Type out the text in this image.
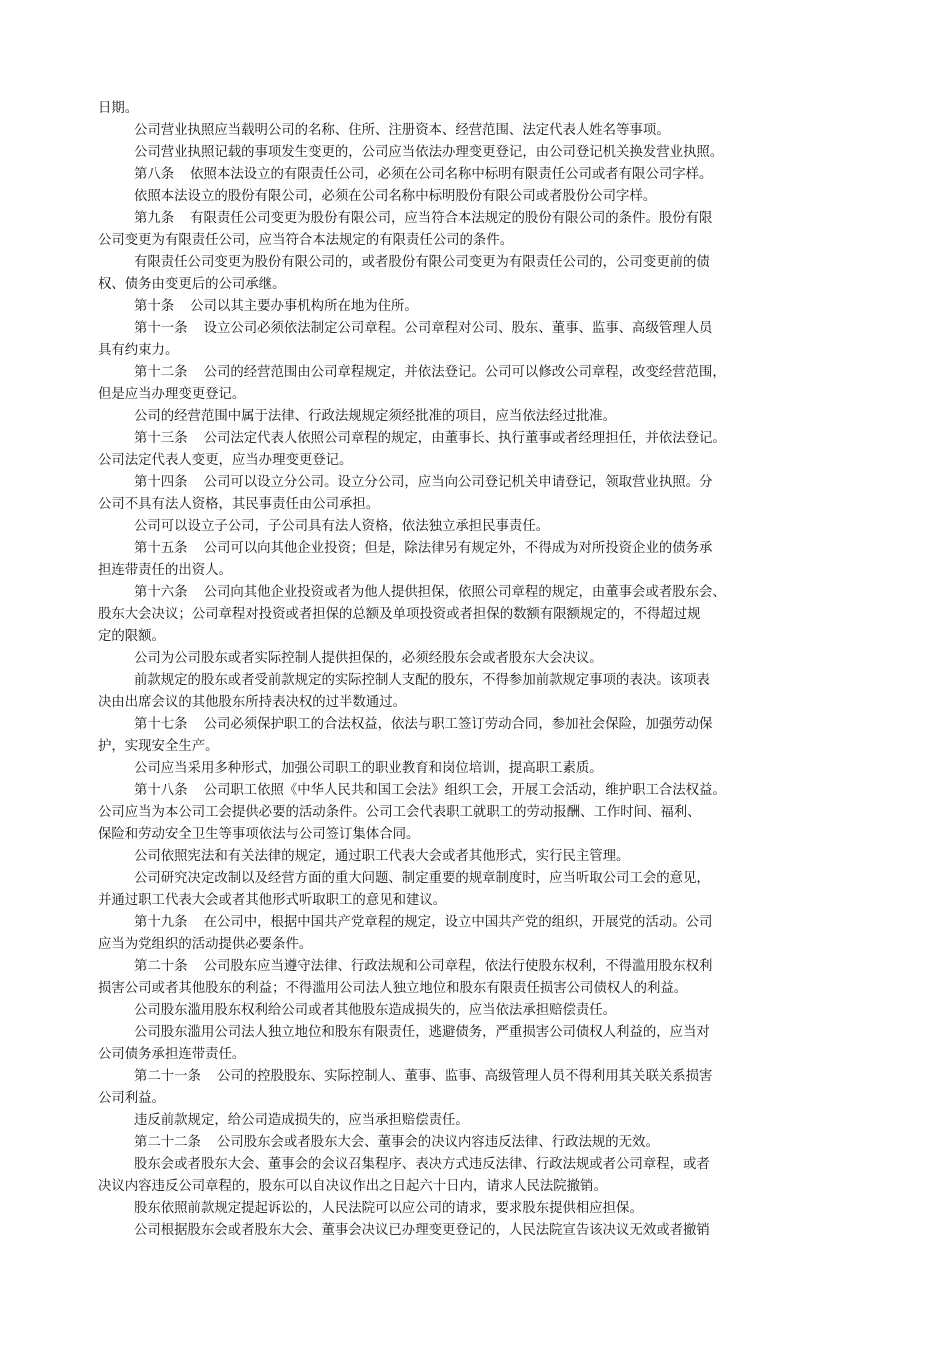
日期。
公司营业执照应当载明公司的名称、住所、注册资本、经营范围、法定代表人姓名等事项。
公司营业执照记载的事项发生变更的，公司应当依法办理变更登记，由公司登记机关换发营业执照。
第八条 依照本法设立的有限责任公司，必须在公司名称中标明有限责任公司或者有限公司字样。
依照本法设立的股份有限公司，必须在公司名称中标明股份有限公司或者股份公司字样。
第九条 有限责任公司变更为股份有限公司，应当符合本法规定的股份有限公司的条件。股份有限
公司变更为有限责任公司，应当符合本法规定的有限责任公司的条件。
有限责任公司变更为股份有限公司的，或者股份有限公司变更为有限责任公司的，公司变更前的债
权、债务由变更后的公司承继。
第十条 公司以其主要办事机构所在地为住所。
第十一条 设立公司必须依法制定公司章程。公司章程对公司、股东、董事、监事、高级管理人员
具有约束力。
第十二条 公司的经营范围由公司章程规定，并依法登记。公司可以修改公司章程，改变经营范围，
但是应当办理变更登记。
公司的经营范围中属于法律、行政法规规定须经批准的项目，应当依法经过批准。
第十三条 公司法定代表人依照公司章程的规定，由董事长、执行董事或者经理担任，并依法登记。
公司法定代表人变更，应当办理变更登记。
第十四条 公司可以设立分公司。设立分公司，应当向公司登记机关申请登记，领取营业执照。分
公司不具有法人资格，其民事责任由公司承担。
公司可以设立子公司，子公司具有法人资格，依法独立承担民事责任。
第十五条 公司可以向其他企业投资；但是，除法律另有规定外，不得成为对所投资企业的债务承
担连带责任的出资人。
第十六条 公司向其他企业投资或者为他人提供担保，依照公司章程的规定，由董事会或者股东会、
股东大会决议；公司章程对投资或者担保的总额及单项投资或者担保的数额有限额规定的，不得超过规
定的限额。
公司为公司股东或者实际控制人提供担保的，必须经股东会或者股东大会决议。
前款规定的股东或者受前款规定的实际控制人支配的股东，不得参加前款规定事项的表决。该项表
决由出席会议的其他股东所持表决权的过半数通过。
第十七条 公司必须保护职工的合法权益，依法与职工签订劳动合同，参加社会保险，加强劳动保
护，实现安全生产。
公司应当采用多种形式，加强公司职工的职业教育和岗位培训，提高职工素质。
第十八条 公司职工依照《中华人民共和国工会法》组织工会，开展工会活动，维护职工合法权益。
公司应当为本公司工会提供必要的活动条件。公司工会代表职工就职工的劳动报酬、工作时间、福利、
保险和劳动安全卫生等事项依法与公司签订集体合同。
公司依照宪法和有关法律的规定，通过职工代表大会或者其他形式，实行民主管理。
公司研究决定改制以及经营方面的重大问题、制定重要的规章制度时，应当听取公司工会的意见，
并通过职工代表大会或者其他形式听取职工的意见和建议。
第十九条 在公司中，根据中国共产党章程的规定，设立中国共产党的组织，开展党的活动。公司
应当为党组织的活动提供必要条件。
第二十条 公司股东应当遵守法律、行政法规和公司章程，依法行使股东权利，不得滥用股东权利
损害公司或者其他股东的利益；不得滥用公司法人独立地位和股东有限责任损害公司债权人的利益。
公司股东滥用股东权利给公司或者其他股东造成损失的，应当依法承担赔偿责任。
公司股东滥用公司法人独立地位和股东有限责任，逃避债务，严重损害公司债权人利益的，应当对
公司债务承担连带责任。
第二十一条 公司的控股股东、实际控制人、董事、监事、高级管理人员不得利用其关联关系损害
公司利益。
违反前款规定，给公司造成损失的，应当承担赔偿责任。
第二十二条 公司股东会或者股东大会、董事会的决议内容违反法律、行政法规的无效。
股东会或者股东大会、董事会的会议召集程序、表决方式违反法律、行政法规或者公司章程，或者
决议内容违反公司章程的，股东可以自决议作出之日起六十日内，请求人民法院撤销。
股东依照前款规定提起诉讼的，人民法院可以应公司的请求，要求股东提供相应担保。
公司根据股东会或者股东大会、董事会决议已办理变更登记的，人民法院宣告该决议无效或者撤销
